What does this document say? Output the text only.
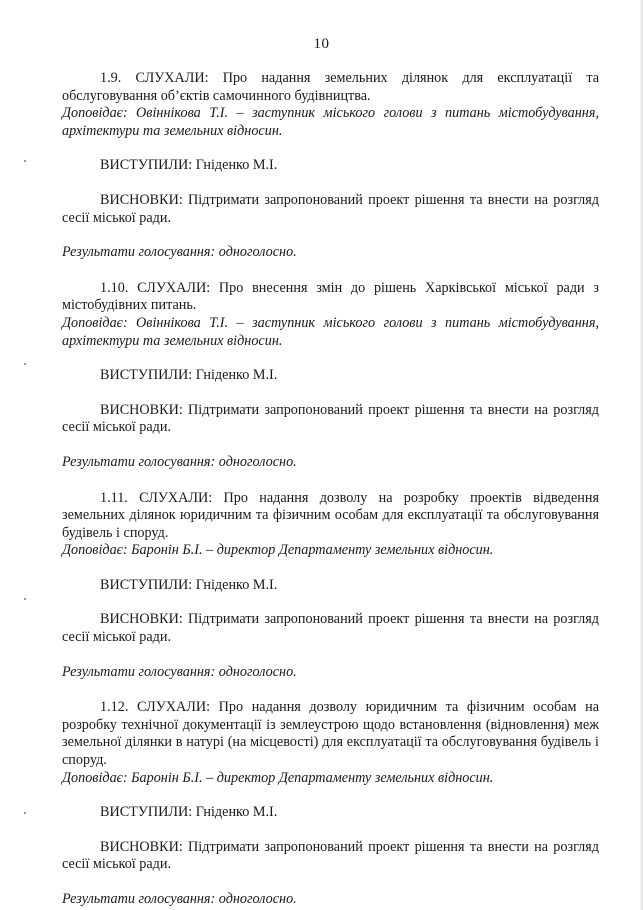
10

1.9. СЛУХАЛИ: Про надання земельних ділянок для експлуатації та обслуговування об’єктів самочинного будівництва.

Доповідає: Овіннікова Т.І. – заступник міського голови з питань містобудування, архітектури та земельних відносин.

ВИСТУПИЛИ: Гніденко М.І.

ВИСНОВКИ: Підтримати запропонований проект рішення та внести на розгляд сесії міської ради.

Результати голосування: одноголосно.

1.10. СЛУХАЛИ: Про внесення змін до рішень Харківської міської ради з містобудівних питань.

Доповідає: Овіннікова Т.І. – заступник міського голови з питань містобудування, архітектури та земельних відносин.

ВИСТУПИЛИ: Гніденко М.І.

ВИСНОВКИ: Підтримати запропонований проект рішення та внести на розгляд сесії міської ради.

Результати голосування: одноголосно.

1.11. СЛУХАЛИ: Про надання дозволу на розробку проектів відведення земельних ділянок юридичним та фізичним особам для експлуатації та обслуговування будівель і споруд.

Доповідає: Баронін Б.І. – директор Департаменту земельних відносин.

ВИСТУПИЛИ: Гніденко М.І.

ВИСНОВКИ: Підтримати запропонований проект рішення та внести на розгляд сесії міської ради.

Результати голосування: одноголосно.

1.12. СЛУХАЛИ: Про надання дозволу юридичним та фізичним особам на розробку технічної документації із землеустрою щодо встановлення (відновлення) меж земельної ділянки в натурі (на місцевості) для експлуатації та обслуговування будівель і споруд.

Доповідає: Баронін Б.І. – директор Департаменту земельних відносин.

ВИСТУПИЛИ: Гніденко М.І.

ВИСНОВКИ: Підтримати запропонований проект рішення та внести на розгляд сесії міської ради.

Результати голосування: одноголосно.
